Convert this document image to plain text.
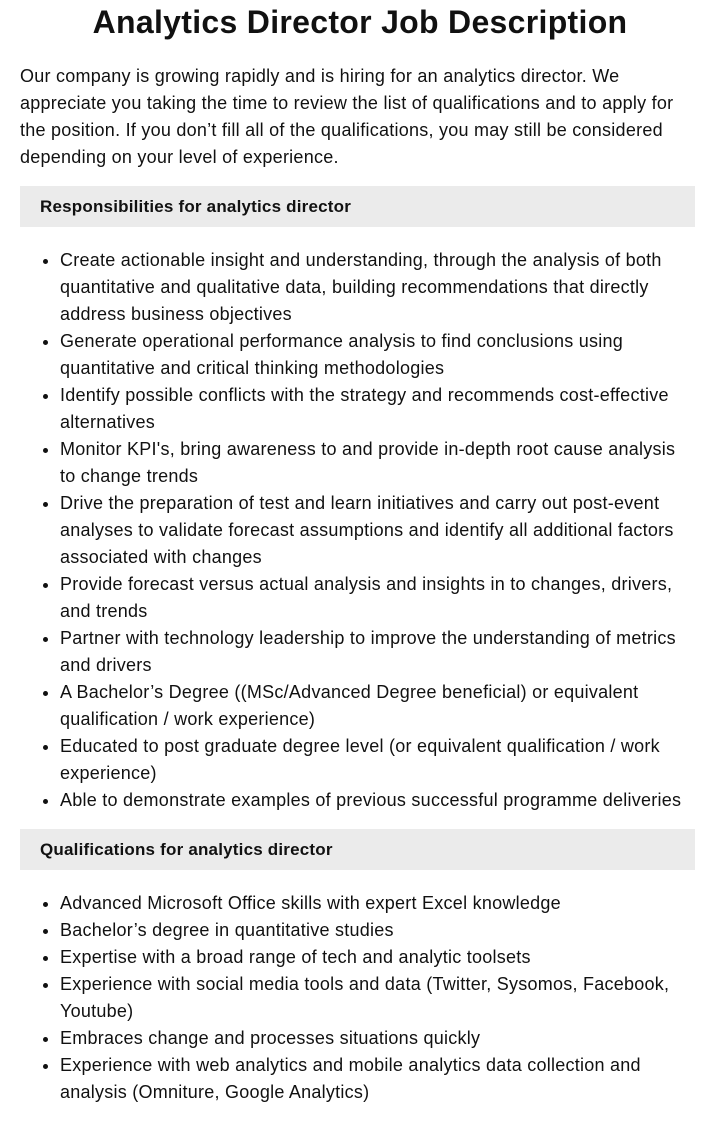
Analytics Director Job Description

Our company is growing rapidly and is hiring for an analytics director. We appreciate you taking the time to review the list of qualifications and to apply for the position. If you don’t fill all of the qualifications, you may still be considered depending on your level of experience.

Responsibilities for analytics director
• Create actionable insight and understanding, through the analysis of both quantitative and qualitative data, building recommendations that directly address business objectives
• Generate operational performance analysis to find conclusions using quantitative and critical thinking methodologies
• Identify possible conflicts with the strategy and recommends cost-effective alternatives
• Monitor KPI's, bring awareness to and provide in-depth root cause analysis to change trends
• Drive the preparation of test and learn initiatives and carry out post-event analyses to validate forecast assumptions and identify all additional factors associated with changes
• Provide forecast versus actual analysis and insights in to changes, drivers, and trends
• Partner with technology leadership to improve the understanding of metrics and drivers
• A Bachelor’s Degree ((MSc/Advanced Degree beneficial) or equivalent qualification / work experience)
• Educated to post graduate degree level (or equivalent qualification / work experience)
• Able to demonstrate examples of previous successful programme deliveries
Qualifications for analytics director
• Advanced Microsoft Office skills with expert Excel knowledge
• Bachelor’s degree in quantitative studies
• Expertise with a broad range of tech and analytic toolsets
• Experience with social media tools and data (Twitter, Sysomos, Facebook, Youtube)
• Embraces change and processes situations quickly
• Experience with web analytics and mobile analytics data collection and analysis (Omniture, Google Analytics)
